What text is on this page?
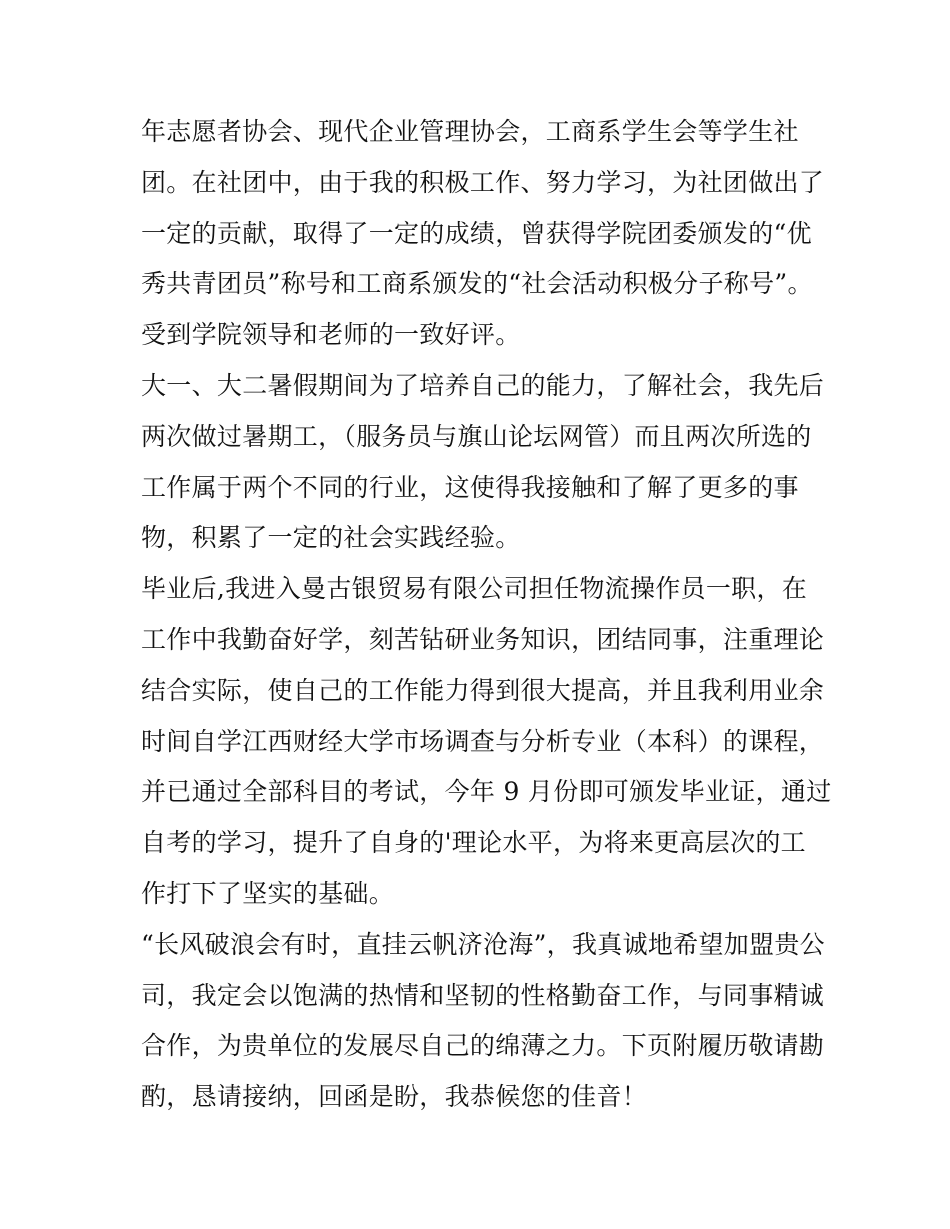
年志愿者协会、现代企业管理协会，工商系学生会等学生社
团。在社团中，由于我的积极工作、努力学习，为社团做出了
一定的贡献，取得了一定的成绩，曾获得学院团委颁发的“优
秀共青团员”称号和工商系颁发的“社会活动积极分子称号”。
受到学院领导和老师的一致好评。
大一、大二暑假期间为了培养自己的能力，了解社会，我先后
两次做过暑期工，（服务员与旗山论坛网管）而且两次所选的
工作属于两个不同的行业，这使得我接触和了解了更多的事
物，积累了一定的社会实践经验。
毕业后,我进入曼古银贸易有限公司担任物流操作员一职，在
工作中我勤奋好学，刻苦钻研业务知识，团结同事，注重理论
结合实际，使自己的工作能力得到很大提高，并且我利用业余
时间自学江西财经大学市场调查与分析专业（本科）的课程，
并已通过全部科目的考试，今年 9 月份即可颁发毕业证，通过
自考的学习，提升了自身的'理论水平，为将来更高层次的工
作打下了坚实的基础。
“长风破浪会有时，直挂云帆济沧海”，我真诚地希望加盟贵公
司，我定会以饱满的热情和坚韧的性格勤奋工作，与同事精诚
合作，为贵单位的发展尽自己的绵薄之力。下页附履历敬请勘
酌，恳请接纳，回函是盼，我恭候您的佳音！
